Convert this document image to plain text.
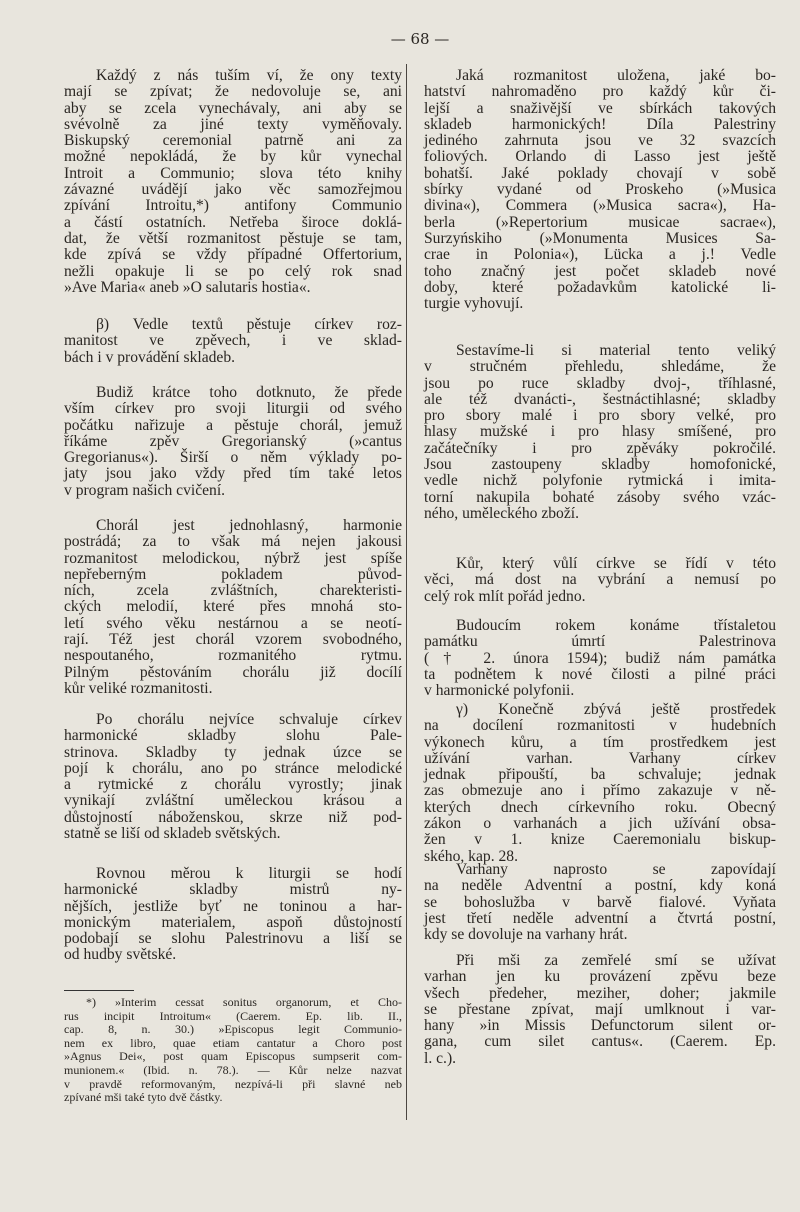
— 68 —
Každý z nás tuším ví, že ony texty
mají se zpívat; že nedovoluje se, ani
aby se zcela vynechávaly, ani aby se
svévolně za jiné texty vyměňovaly.
Biskupský ceremonial patrně ani za
možné nepokládá, že by kůr vynechal
Introit a Communio; slova této knihy
závazné uvádějí jako věc samozřejmou
zpívání Introitu,*) antifony Communio
a částí ostatních. Netřeba široce doklá-
dat, že větší rozmanitost pěstuje se tam,
kde zpívá se vždy případné Offertorium,
nežli opakuje li se po celý rok snad
»Ave Maria« aneb »O salutaris hostia«.
β) Vedle textů pěstuje církev roz-
manitost ve zpěvech, i ve sklad-
bách i v provádění skladeb.
Budiž krátce toho dotknuto, že přede
vším církev pro svoji liturgii od svého
počátku nařizuje a pěstuje chorál, jemuž
říkáme zpěv Gregorianský (»cantus
Gregorianus«). Širší o něm výklady po-
jaty jsou jako vždy před tím také letos
v program našich cvičení.
Chorál jest jednohlasný, harmonie
postrádá; za to však má nejen jakousi
rozmanitost melodickou, nýbrž jest spíše
nepřeberným pokladem původ-
ních, zcela zvláštních, charekteristi-
ckých melodií, které přes mnohá sto-
letí svého věku nestárnou a se neotí-
rají. Též jest chorál vzorem svobodného,
nespoutaného, rozmanitého rytmu.
Pilným pěstováním chorálu již docílí
kůr veliké rozmanitosti.
Po chorálu nejvíce schvaluje církev
harmonické skladby slohu Pale-
strinova. Skladby ty jednak úzce se
pojí k chorálu, ano po stránce melodické
a rytmické z chorálu vyrostly; jinak
vynikají zvláštní uměleckou krásou a
důstojností náboženskou, skrze niž pod-
statně se liší od skladeb světských.
Rovnou měrou k liturgii se hodí
harmonické skladby mistrů ny-
nějších, jestliže byť ne toninou a har-
monickým materialem, aspoň důstojností
podobají se slohu Palestrinovu a liší se
od hudby světské.
Jaká rozmanitost uložena, jaké bo-
hatství nahromaděno pro každý kůr či-
lejší a snaživější ve sbírkách takových
skladeb harmonických! Díla Palestriny
jediného zahrnuta jsou ve 32 svazcích
foliových. Orlando di Lasso jest ještě
bohatší. Jaké poklady chovají v sobě
sbírky vydané od Proskeho (»Musica
divina«), Commera (»Musica sacra«), Ha-
berla (»Repertorium musicae sacrae«),
Surzyńskiho (»Monumenta Musices Sa-
crae in Polonia«), Lücka a j.! Vedle
toho značný jest počet skladeb nové
doby, které požadavkům katolické li-
turgie vyhovují.
Sestavíme-li si material tento veliký
v stručném přehledu, shledáme, že
jsou po ruce skladby dvoj-, tříhlasné,
ale též dvanácti-, šestnáctihlasné; skladby
pro sbory malé i pro sbory velké, pro
hlasy mužské i pro hlasy smíšené, pro
začátečníky i pro zpěváky pokročilé.
Jsou zastoupeny skladby homofonické,
vedle nichž polyfonie rytmická i imita-
torní nakupila bohaté zásoby svého vzác-
ného, uměleckého zboží.
Kůr, který vůlí církve se řídí v této
věci, má dost na vybrání a nemusí po
celý rok mlít pořád jedno.
Budoucím rokem konáme třístaletou
památku úmrtí Palestrinova
(† 2. února 1594); budiž nám památka
ta podnětem k nové čilosti a pilné práci
v harmonické polyfonii.
γ) Konečně zbývá ještě prostředek
na docílení rozmanitosti v hudebních
výkonech kůru, a tím prostředkem jest
užívání varhan. Varhany církev
jednak připouští, ba schvaluje; jednak
zas obmezuje ano i přímo zakazuje v ně-
kterých dnech církevního roku. Obecný
zákon o varhanách a jich užívání obsa-
žen v 1. knize Caeremonialu biskup-
ského, kap. 28.
Varhany naprosto se zapovídají
na neděle Adventní a postní, kdy koná
se bohoslužba v barvě fialové. Vyňata
jest třetí neděle adventní a čtvrtá postní,
kdy se dovoluje na varhany hrát.
Při mši za zemřelé smí se užívat
varhan jen ku provázení zpěvu beze
všech předeher, meziher, doher; jakmile
se přestane zpívat, mají umlknout i var-
hany »in Missis Defunctorum silent or-
gana, cum silet cantus«. (Caerem. Ep.
l. c.).
*) »Interim cessat sonitus organorum, et Cho-
rus incipit Introitum« (Caerem. Ep. lib. II.,
cap. 8, n. 30.) »Episcopus legit Communio-
nem ex libro, quae etiam cantatur a Choro post
»Agnus Dei«, post quam Episcopus sumpserit com-
munionem.« (Ibid. n. 78.). — Kůr nelze nazvat
v pravdě reformovaným, nezpívá-li při slavné neb
zpívané mši také tyto dvě částky.
